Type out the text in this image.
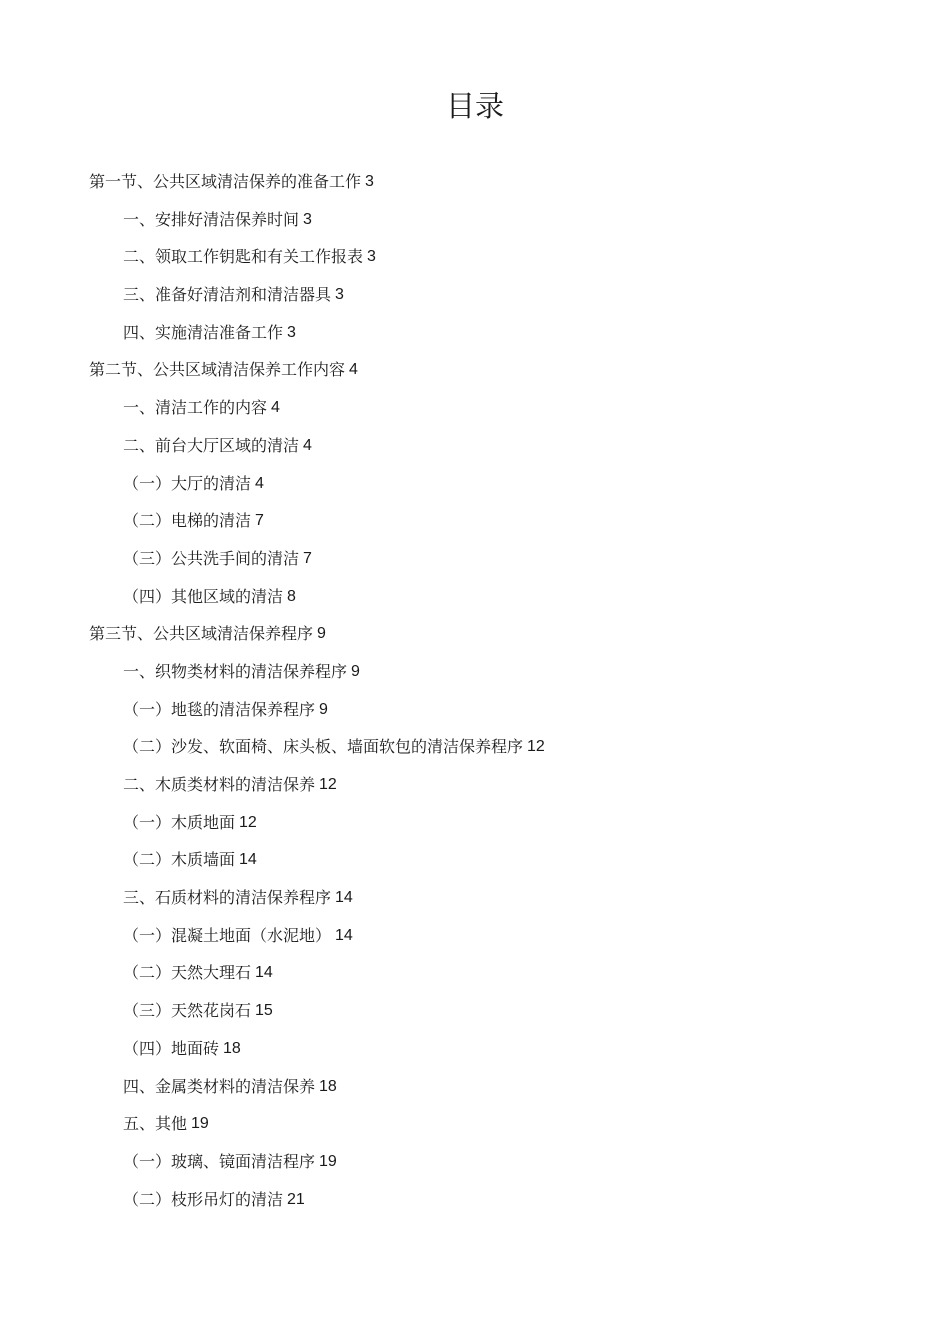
目录
第一节、公共区域清洁保养的准备工作 3
一、安排好清洁保养时间 3
二、领取工作钥匙和有关工作报表 3
三、准备好清洁剂和清洁器具 3
四、实施清洁准备工作 3
第二节、公共区域清洁保养工作内容 4
一、清洁工作的内容 4
二、前台大厅区域的清洁 4
（一）大厅的清洁 4
（二）电梯的清洁 7
（三）公共洗手间的清洁 7
（四）其他区域的清洁 8
第三节、公共区域清洁保养程序 9
一、织物类材料的清洁保养程序 9
（一）地毯的清洁保养程序 9
（二）沙发、软面椅、床头板、墙面软包的清洁保养程序 12
二、木质类材料的清洁保养 12
（一）木质地面 12
（二）木质墙面 14
三、石质材料的清洁保养程序 14
（一）混凝土地面（水泥地） 14
（二）天然大理石 14
（三）天然花岗石 15
（四）地面砖 18
四、金属类材料的清洁保养 18
五、其他 19
（一）玻璃、镜面清洁程序 19
（二）枝形吊灯的清洁 21
